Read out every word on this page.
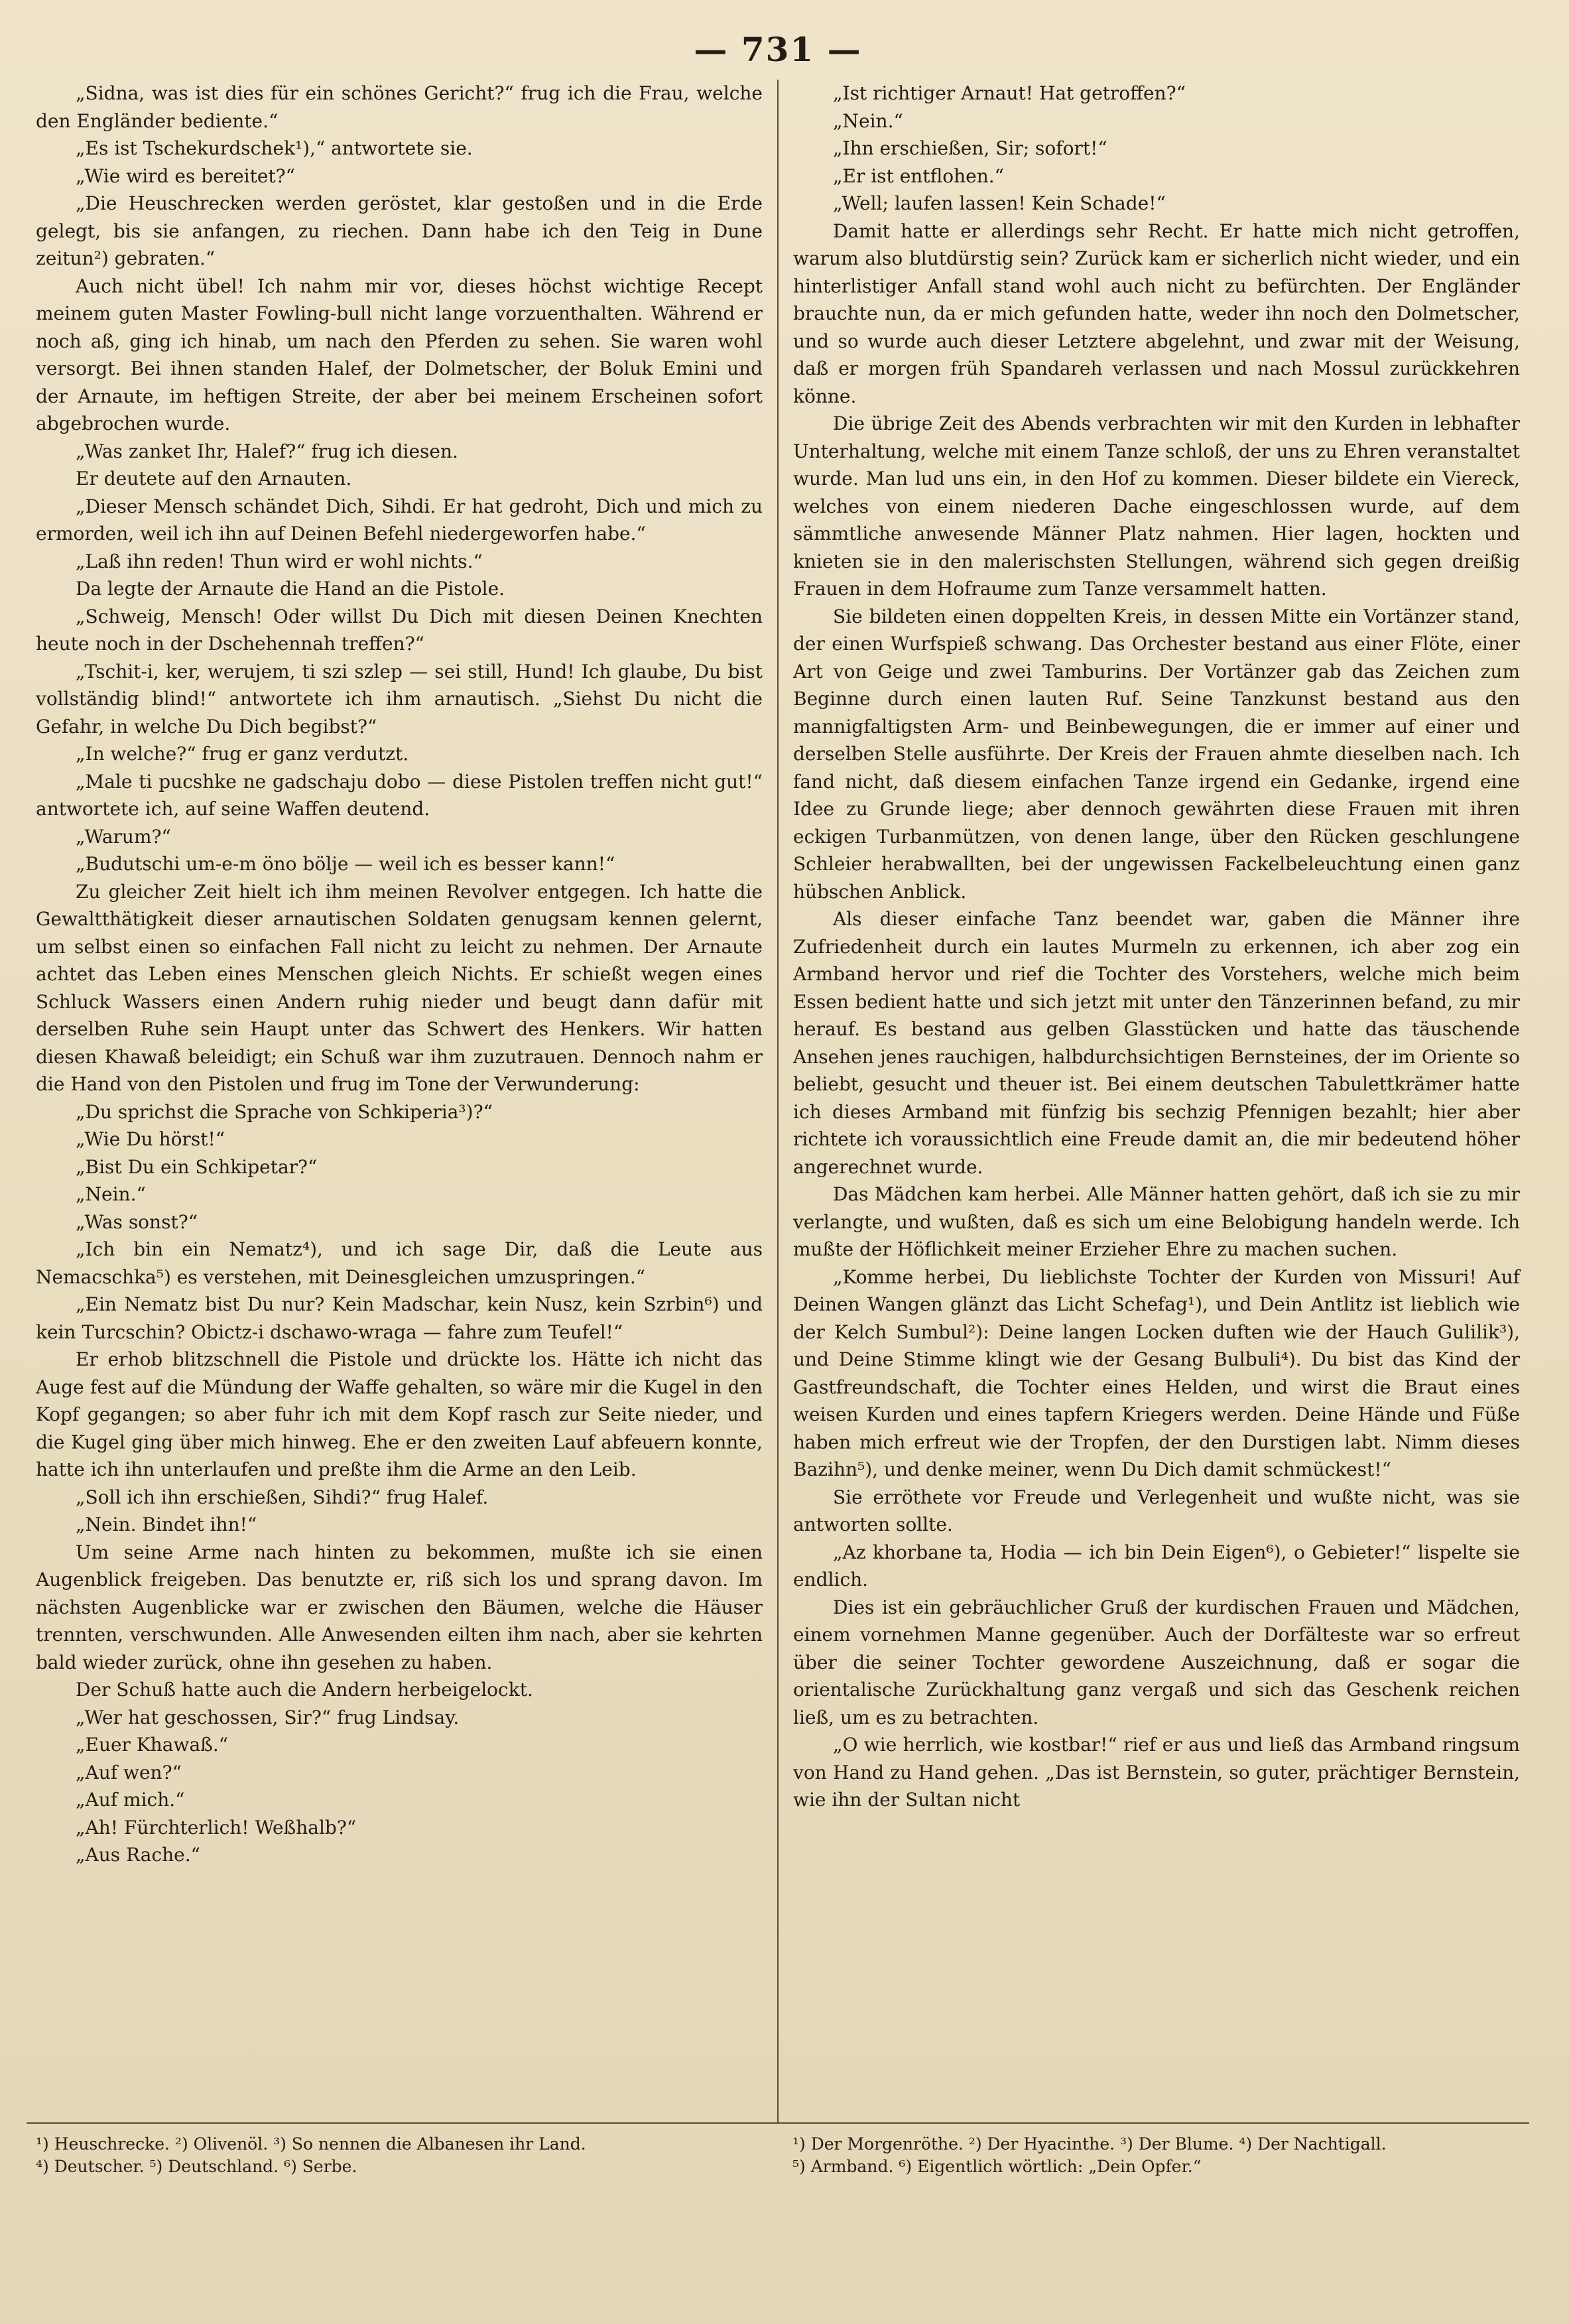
— 731 —

„Sidna, was ist dies für ein schönes Gericht?“ frug ich die Frau, welche den Engländer bediente.“

„Es ist Tschekurdschek¹),“ antwortete sie.

„Wie wird es bereitet?“

„Die Heuschrecken werden geröstet, klar gestoßen und in die Erde gelegt, bis sie anfangen, zu riechen. Dann habe ich den Teig in Dune zeitun²) gebraten.“

Auch nicht übel! Ich nahm mir vor, dieses höchst wichtige Recept meinem guten Master Fowling-bull nicht lange vorzuenthalten. Während er noch aß, ging ich hinab, um nach den Pferden zu sehen. Sie waren wohl versorgt. Bei ihnen standen Halef, der Dolmetscher, der Boluk Emini und der Arnaute, im heftigen Streite, der aber bei meinem Erscheinen sofort abgebrochen wurde.

„Was zanket Ihr, Halef?“ frug ich diesen.

Er deutete auf den Arnauten.

„Dieser Mensch schändet Dich, Sihdi. Er hat gedroht, Dich und mich zu ermorden, weil ich ihn auf Deinen Befehl niedergeworfen habe.“

„Laß ihn reden! Thun wird er wohl nichts.“

Da legte der Arnaute die Hand an die Pistole.

„Schweig, Mensch! Oder willst Du Dich mit diesen Deinen Knechten heute noch in der Dschehennah treffen?“

„Tschit-i, ker, werujem, ti szi szlep — sei still, Hund! Ich glaube, Du bist vollständig blind!“ antwortete ich ihm arnautisch. „Siehst Du nicht die Gefahr, in welche Du Dich begibst?“

„In welche?“ frug er ganz verdutzt.

„Male ti pucshke ne gadschaju dobo — diese Pistolen treffen nicht gut!“ antwortete ich, auf seine Waffen deutend.

„Warum?“

„Budutschi um-e-m öno bölje — weil ich es besser kann!“

Zu gleicher Zeit hielt ich ihm meinen Revolver entgegen. Ich hatte die Gewaltthätigkeit dieser arnautischen Soldaten genugsam kennen gelernt, um selbst einen so einfachen Fall nicht zu leicht zu nehmen. Der Arnaute achtet das Leben eines Menschen gleich Nichts. Er schießt wegen eines Schluck Wassers einen Andern ruhig nieder und beugt dann dafür mit derselben Ruhe sein Haupt unter das Schwert des Henkers. Wir hatten diesen Khawaß beleidigt; ein Schuß war ihm zuzutrauen. Dennoch nahm er die Hand von den Pistolen und frug im Tone der Verwunderung:

„Du sprichst die Sprache von Schkiperia³)?“

„Wie Du hörst!“

„Bist Du ein Schkipetar?“

„Nein.“

„Was sonst?“

„Ich bin ein Nematz⁴), und ich sage Dir, daß die Leute aus Nemacschka⁵) es verstehen, mit Deinesgleichen umzuspringen.“

„Ein Nematz bist Du nur? Kein Madschar, kein Nusz, kein Szrbin⁶) und kein Turcschin? Obictz-i dschawo-wraga — fahre zum Teufel!“

Er erhob blitzschnell die Pistole und drückte los. Hätte ich nicht das Auge fest auf die Mündung der Waffe gehalten, so wäre mir die Kugel in den Kopf gegangen; so aber fuhr ich mit dem Kopf rasch zur Seite nieder, und die Kugel ging über mich hinweg. Ehe er den zweiten Lauf abfeuern konnte, hatte ich ihn unterlaufen und preßte ihm die Arme an den Leib.

„Soll ich ihn erschießen, Sihdi?“ frug Halef.

„Nein. Bindet ihn!“

Um seine Arme nach hinten zu bekommen, mußte ich sie einen Augenblick freigeben. Das benutzte er, riß sich los und sprang davon. Im nächsten Augenblicke war er zwischen den Bäumen, welche die Häuser trennten, verschwunden. Alle Anwesenden eilten ihm nach, aber sie kehrten bald wieder zurück, ohne ihn gesehen zu haben.

Der Schuß hatte auch die Andern herbeigelockt.

„Wer hat geschossen, Sir?“ frug Lindsay.

„Euer Khawaß.“

„Auf wen?“

„Auf mich.“

„Ah! Fürchterlich! Weßhalb?“

„Aus Rache.“

„Ist richtiger Arnaut! Hat getroffen?“

„Nein.“

„Ihn erschießen, Sir; sofort!“

„Er ist entflohen.“

„Well; laufen lassen! Kein Schade!“

Damit hatte er allerdings sehr Recht. Er hatte mich nicht getroffen, warum also blutdürstig sein? Zurück kam er sicherlich nicht wieder, und ein hinterlistiger Anfall stand wohl auch nicht zu befürchten. Der Engländer brauchte nun, da er mich gefunden hatte, weder ihn noch den Dolmetscher, und so wurde auch dieser Letztere abgelehnt, und zwar mit der Weisung, daß er morgen früh Spandareh verlassen und nach Mossul zurückkehren könne.

Die übrige Zeit des Abends verbrachten wir mit den Kurden in lebhafter Unterhaltung, welche mit einem Tanze schloß, der uns zu Ehren veranstaltet wurde. Man lud uns ein, in den Hof zu kommen. Dieser bildete ein Viereck, welches von einem niederen Dache eingeschlossen wurde, auf dem sämmtliche anwesende Männer Platz nahmen. Hier lagen, hockten und knieten sie in den malerischsten Stellungen, während sich gegen dreißig Frauen in dem Hofraume zum Tanze versammelt hatten.

Sie bildeten einen doppelten Kreis, in dessen Mitte ein Vortänzer stand, der einen Wurfspieß schwang. Das Orchester bestand aus einer Flöte, einer Art von Geige und zwei Tamburins. Der Vortänzer gab das Zeichen zum Beginne durch einen lauten Ruf. Seine Tanzkunst bestand aus den mannigfaltigsten Arm- und Beinbewegungen, die er immer auf einer und derselben Stelle ausführte. Der Kreis der Frauen ahmte dieselben nach. Ich fand nicht, daß diesem einfachen Tanze irgend ein Gedanke, irgend eine Idee zu Grunde liege; aber dennoch gewährten diese Frauen mit ihren eckigen Turbanmützen, von denen lange, über den Rücken geschlungene Schleier herabwallten, bei der ungewissen Fackelbeleuchtung einen ganz hübschen Anblick.

Als dieser einfache Tanz beendet war, gaben die Männer ihre Zufriedenheit durch ein lautes Murmeln zu erkennen, ich aber zog ein Armband hervor und rief die Tochter des Vorstehers, welche mich beim Essen bedient hatte und sich jetzt mit unter den Tänzerinnen befand, zu mir herauf. Es bestand aus gelben Glasstücken und hatte das täuschende Ansehen jenes rauchigen, halbdurchsichtigen Bernsteines, der im Oriente so beliebt, gesucht und theuer ist. Bei einem deutschen Tabulettkrämer hatte ich dieses Armband mit fünfzig bis sechzig Pfennigen bezahlt; hier aber richtete ich voraussichtlich eine Freude damit an, die mir bedeutend höher angerechnet wurde.

Das Mädchen kam herbei. Alle Männer hatten gehört, daß ich sie zu mir verlangte, und wußten, daß es sich um eine Belobigung handeln werde. Ich mußte der Höflichkeit meiner Erzieher Ehre zu machen suchen.

„Komme herbei, Du lieblichste Tochter der Kurden von Missuri! Auf Deinen Wangen glänzt das Licht Schefag¹), und Dein Antlitz ist lieblich wie der Kelch Sumbul²): Deine langen Locken duften wie der Hauch Gulilik³), und Deine Stimme klingt wie der Gesang Bulbuli⁴). Du bist das Kind der Gastfreundschaft, die Tochter eines Helden, und wirst die Braut eines weisen Kurden und eines tapfern Kriegers werden. Deine Hände und Füße haben mich erfreut wie der Tropfen, der den Durstigen labt. Nimm dieses Bazihn⁵), und denke meiner, wenn Du Dich damit schmückest!“

Sie erröthete vor Freude und Verlegenheit und wußte nicht, was sie antworten sollte.

„Az khorbane ta, Hodia — ich bin Dein Eigen⁶), o Gebieter!“ lispelte sie endlich.

Dies ist ein gebräuchlicher Gruß der kurdischen Frauen und Mädchen, einem vornehmen Manne gegenüber. Auch der Dorfälteste war so erfreut über die seiner Tochter gewordene Auszeichnung, daß er sogar die orientalische Zurückhaltung ganz vergaß und sich das Geschenk reichen ließ, um es zu betrachten.

„O wie herrlich, wie kostbar!“ rief er aus und ließ das Armband ringsum von Hand zu Hand gehen. „Das ist Bernstein, so guter, prächtiger Bernstein, wie ihn der Sultan nicht

¹) Heuschrecke. ²) Olivenöl. ³) So nennen die Albanesen ihr Land.

⁴) Deutscher. ⁵) Deutschland. ⁶) Serbe.

¹) Der Morgenröthe. ²) Der Hyacinthe. ³) Der Blume. ⁴) Der Nachtigall.

⁵) Armband. ⁶) Eigentlich wörtlich: „Dein Opfer.“
